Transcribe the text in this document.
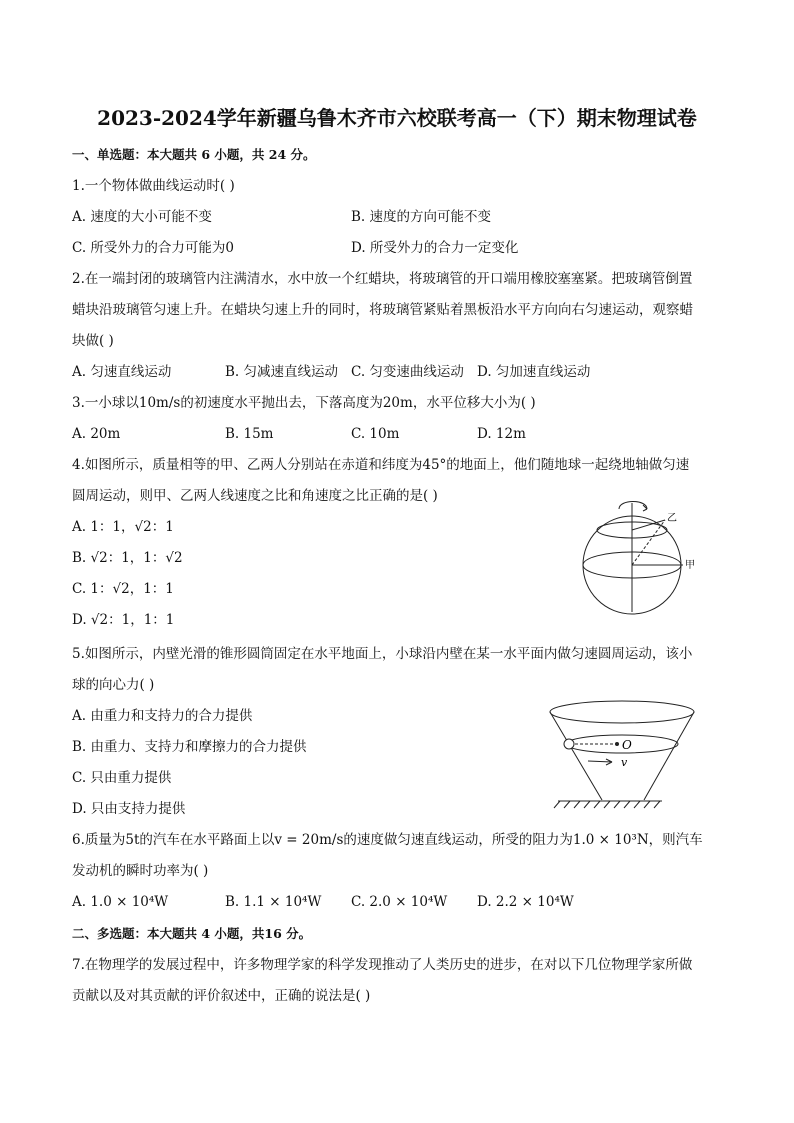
2023-2024学年新疆乌鲁木齐市六校联考高一（下）期末物理试卷
一、单选题：本大题共 6 小题，共 24 分。
1.一个物体做曲线运动时( )
A. 速度的大小可能不变	B. 速度的方向可能不变
C. 所受外力的合力可能为0	D. 所受外力的合力一定变化
2.在一端封闭的玻璃管内注满清水，水中放一个红蜡块，将玻璃管的开口端用橡胶塞塞紧。把玻璃管倒置
蜡块沿玻璃管匀速上升。在蜡块匀速上升的同时，将玻璃管紧贴着黑板沿水平方向向右匀速运动，观察蜡
块做( )
A. 匀速直线运动	B. 匀减速直线运动 C. 匀变速曲线运动 D. 匀加速直线运动
3.一小球以10m/s的初速度水平抛出去，下落高度为20m，水平位移大小为( )
A. 20m	B. 15m	C. 10m	D. 12m
4.如图所示，质量相等的甲、乙两人分别站在赤道和纬度为45°的地面上，他们随地球一起绕地轴做匀速
圆周运动，则甲、乙两人线速度之比和角速度之比正确的是( )
A. 1：1，√2：1
B. √2：1，1：√2
C. 1：√2，1：1
D. √2：1，1：1
乙
甲
5.如图所示，内壁光滑的锥形圆筒固定在水平地面上，小球沿内壁在某一水平面内做匀速圆周运动，该小
球的向心力( )
A. 由重力和支持力的合力提供
B. 由重力、支持力和摩擦力的合力提供
C. 只由重力提供
D. 只由支持力提供
O
v
6.质量为5t的汽车在水平路面上以v = 20m/s的速度做匀速直线运动，所受的阻力为1.0 × 10³N，则汽车
发动机的瞬时功率为( )
A. 1.0 × 10⁴W	B. 1.1 × 10⁴W C. 2.0 × 10⁴W D. 2.2 × 10⁴W
二、多选题：本大题共 4 小题，共16 分。
7.在物理学的发展过程中，许多物理学家的科学发现推动了人类历史的进步，在对以下几位物理学家所做
贡献以及对其贡献的评价叙述中，正确的说法是( )
